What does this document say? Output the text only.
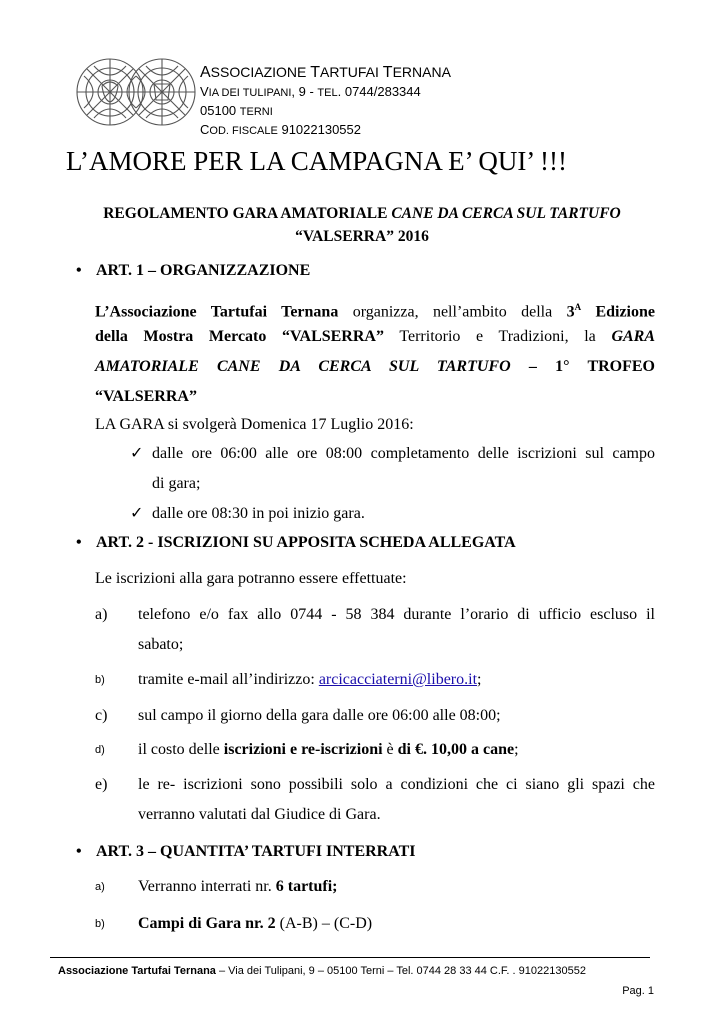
ASSOCIAZIONE TARTUFAI TERNANA
VIA DEI TULIPANI, 9 - TEL. 0744/283344
05100 TERNI
COD. FISCALE 91022130552
L’AMORE PER LA CAMPAGNA E’ QUI’ !!!
REGOLAMENTO GARA AMATORIALE CANE DA CERCA SUL TARTUFO
“VALSERRA” 2016
• ART. 1 – ORGANIZZAZIONE
L’Associazione Tartufai Ternana organizza, nell’ambito della $3^A$ Edizione
della Mostra Mercato “VALSERRA” Territorio e Tradizioni, la GARA
AMATORIALE CANE DA CERCA SUL TARTUFO – 1° TROFEO
“VALSERRA”
LA GARA si svolgerà Domenica 17 Luglio 2016:
✓ dalle ore 06:00 alle ore 08:00 completamento delle iscrizioni sul campo
di gara;
✓ dalle ore 08:30 in poi inizio gara.
• ART. 2 - ISCRIZIONI SU APPOSITA SCHEDA ALLEGATA
Le iscrizioni alla gara potranno essere effettuate:
a)	telefono e/o fax allo 0744 - 58 384 durante l’orario di ufficio escluso il
sabato;
b)	tramite e-mail all’indirizzo: arcicacciaterni@libero.it;
c)	sul campo il giorno della gara dalle ore 06:00 alle 08:00;
d)	il costo delle iscrizioni e re-iscrizioni è di €. 10,00 a cane;
e)	le re- iscrizioni sono possibili solo a condizioni che ci siano gli spazi che
verranno valutati dal Giudice di Gara.
• ART. 3 – QUANTITA’ TARTUFI INTERRATI
a)	Verranno interrati nr. 6 tartufi;
b)	Campi di Gara nr. 2 (A-B) – (C-D)
Associazione Tartufai Ternana – Via dei Tulipani, 9 – 05100 Terni – Tel. 0744 28 33 44 C.F. . 91022130552
Pag. 1
